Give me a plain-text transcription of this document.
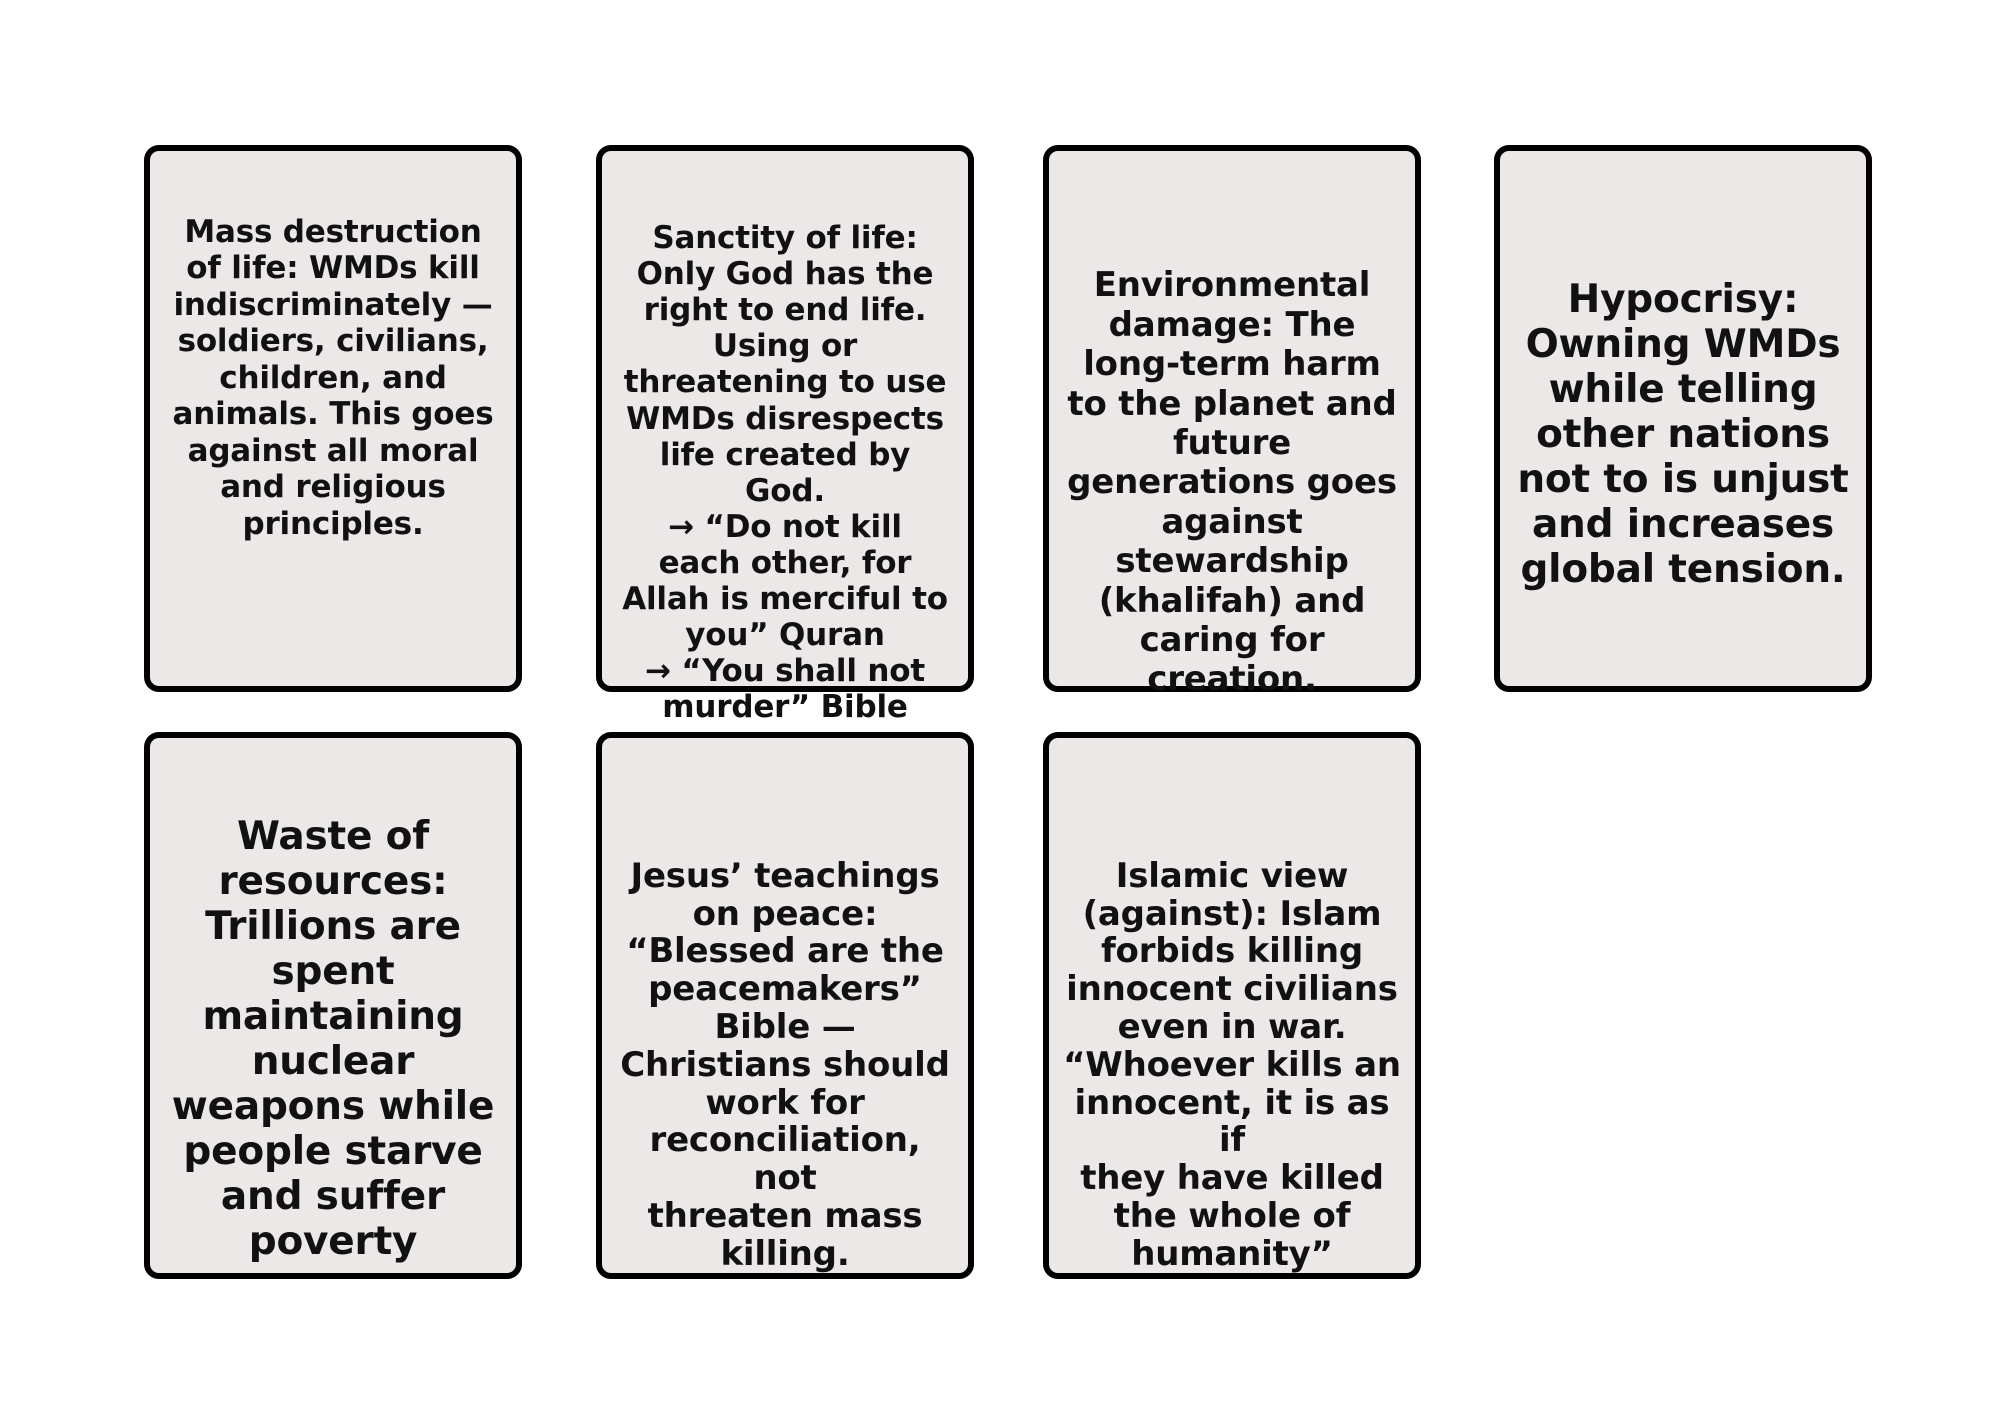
Mass destruction
of life: WMDs kill
indiscriminately —
soldiers, civilians,
children, and
animals. This goes
against all moral
and religious
principles.

Sanctity of life:
Only God has the
right to end life.
Using or
threatening to use
WMDs disrespects
life created by God.
→ “Do not kill
each other, for
Allah is merciful to
you” Quran
→ “You shall not
murder” Bible

Environmental
damage: The
long-term harm
to the planet and
future
generations goes
against
stewardship
(khalifah) and
caring for
creation.

Hypocrisy:
Owning WMDs
while telling
other nations
not to is unjust
and increases
global tension.

Waste of
resources:
Trillions are
spent
maintaining
nuclear
weapons while
people starve
and suffer
poverty

Jesus’ teachings
on peace:
“Blessed are the
peacemakers”
Bible —
Christians should
work for
reconciliation, not
threaten mass
killing.

Islamic view
(against): Islam
forbids killing
innocent civilians
even in war.
“Whoever kills an
innocent, it is as if
they have killed
the whole of
humanity”
